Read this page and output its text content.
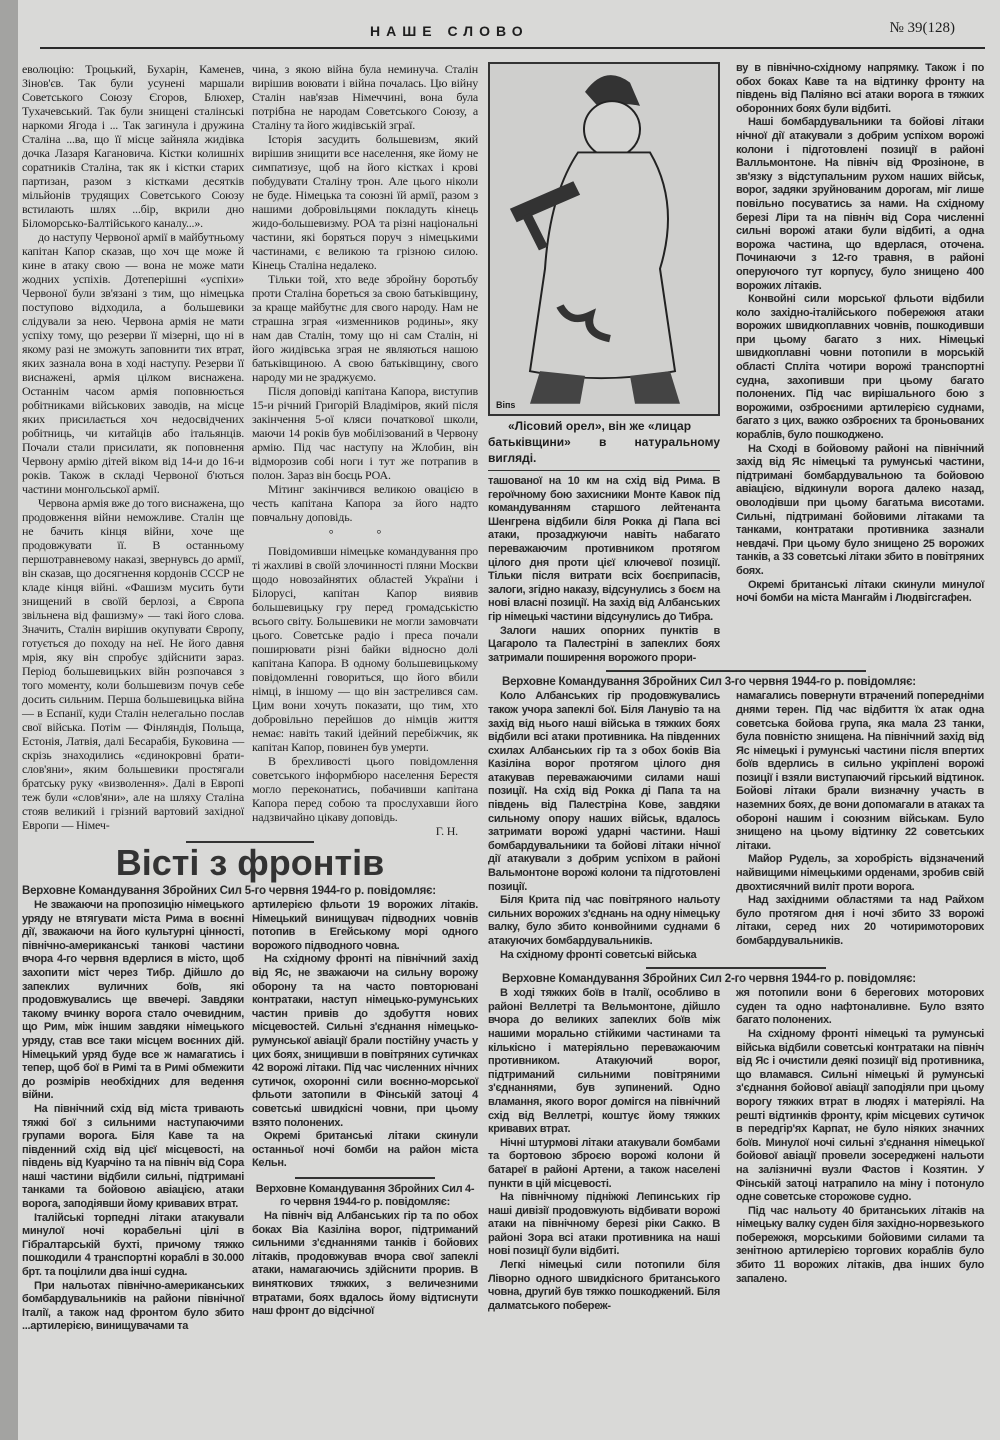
НАШЕ СЛОВО	№ 39(128)

еволюцію: Троцький, Бухарін, Каменев, Зінов'єв. Так були усунені маршали Советського Союзу Єгоров, Блюхер, Тухачевський. Так були знищені сталінські наркоми Ягода і ... Так загинула і дружина Сталіна ...ва, що її місце зайняла жидівка дочка Лазаря Кагановича. Кістки колишніх соратників Сталіна, так як і кістки старих партизан, разом з кістками десятків мільйонів трудящих Советського Союзу встилають шлях ...бір, вкрили дно Біломорсько-Балтійського каналу...».

до наступу Червоної армії в майбутньому капітан Капор сказав, що хоч ще може й кине в атаку свою — вона не може мати жодних успіхів. Дотеперішні «успіхи» Червоної були зв'язані з тим, що німецька поступово відходила, а большевики слідували за нею. Червона армія не мати успіху тому, що резерви її мізерні, що ні в якому разі не зможуть заповнити тих втрат, яких зазнала вона в ході наступу. Резерви її виснажені, армія цілком виснажена. Останнім часом армія поповнюється робітниками військових заводів, на місце яких присилається хоч недосвідчених робітниць, чи китайців або італьянців. Почали стали присилати, як поповнення Червону армію дітей віком від 14-и до 16-и років. Також в складі Червоної б'ються частини монгольської армії.

Червона армія вже до того виснажена, що продовження війни неможливе. Сталін ще не бачить кінця війни, хоче ще продовжувати її. В останньому першотравневому наказі, звернувсь до армії, він сказав, що досягнення кордонів СССР не кладе кінця війні. «Фашизм мусить бути знищений в своїй берлозі, а Європа звільнена від фашизму» — такі його слова. Значить, Сталін вирішив окупувати Європу, готується до походу на неї. Не його давня мрія, яку він спробує здійснити зараз. Період большевицьких війн розпочався з того моменту, коли большевизм почув себе досить сильним. Перша большевицька війна — в Еспанії, куди Сталін нелегально послав свої війська. Потім — Фінляндія, Польща, Естонія, Латвія, далі Бесарабія, Буковина — скрізь знаходились «єдинокровні брати-слов'яни», яким большевики простягали братську руку «визволення». Далі в Европі теж були «слов'яни», але на шляху Сталіна стояв великий і грізний вартовий західної Европи — Німеч-

чина, з якою війна була неминуча. Сталін вирішив воювати і війна почалась. Цю війну Сталін нав'язав Німеччині, вона була потрібна не народам Советського Союзу, а Сталіну та його жидівській зграї.

Історія засудить большевизм, який вирішив знищити все населення, яке йому не симпатизує, щоб на його кістках і крові побудувати Сталіну трон. Але цього ніколи не буде. Німецька та союзні їй армії, разом з нашими добровільцями покладуть кінець жидо-большевизму. РОА та різні національні частини, які боряться поруч з німецькими частинами, є великою та грізною силою. Кінець Сталіна недалеко.

Тільки той, хто веде збройну боротьбу проти Сталіна бореться за свою батьківщину, за краще майбутнє для свого народу. Нам не страшна зграя «изменников родины», яку нам дав Сталін, тому що ні сам Сталін, ні його жидівська зграя не являються нашою батьківщиною. А свою батьківщину, свого народу ми не зраджуємо.

Після доповіді капітана Капора, виступив 15-и річний Григорій Владіміров, який після закінчення 5-ої кляси початкової школи, маючи 14 років був мобілізований в Червону армію. Під час наступу на Жлобин, він відморозив собі ноги і тут же потрапив в полон. Зараз він боєць РОА.

Мітинг закінчився великою овацією в честь капітана Капора за його надто повчальну доповідь.

° °

Повідомивши німецьке командування про ті жахливі в своїй злочинності пляни Москви щодо новозайнятих областей України і Білорусі, капітан Капор виявив большевицьку гру перед громадськістю всього світу. Большевики не могли замовчати цього. Советське радіо і преса почали поширювати різні байки відносно долі капітана Капора. В одному большевицькому повідомленні говориться, що його вбили німці, в іншому — що він застрелився сам. Цим вони хочуть показати, що тим, хто добровільно перейшов до німців життя немає: навіть такий ідейний перебіжчик, як капітан Капор, повинен був умерти.

В брехливості цього повідомлення советського інформбюро населення Берестя могло переконатись, побачивши капітана Капора перед собою та прослухавши його надзвичайно цікаву доповідь.

Г. Н.

Вісті з фронтів
Верховне Командування Збройних Сил 5-го червня 1944-го р. повідомляє:

Не зважаючи на пропозицію німецького уряду не втягувати міста Рима в воєнні дії, зважаючи на його культурні цінності, північно-американські танкові частини вчора 4-го червня вдерлися в місто, щоб захопити міст через Тибр. Дійшло до запеклих вуличних боїв, які продовжувались ще ввечері. Завдяки такому вчинку ворога стало очевидним, що Рим, між іншим завдяки німецького уряду, став все таки місцем воєнних дій. Німецький уряд буде все ж намагатись і тепер, щоб бої в Римі та в Римі обмежити до розмірів необхідних для ведення війни.

На північний схід від міста тривають тяжкі бої з сильними наступаючими групами ворога. Біля Каве та на південний схід від цієї місцевості, на південь від Куарчіно та на північ від Сора наші частини відбили сильні, підтримані танками та бойовою авіацією, атаки ворога, заподіявши йому кривавих втрат.

Італійські торпедні літаки атакували минулої ночі корабельні цілі в Гібралтарській бухті, причому тяжко пошкодили 4 транспортні кораблі в 30.000 брт. та поцілили два інші судна.

При нальотах північно-американських бомбардувальників на райони північної Італії, а також над фронтом було збито ...артилерією, винищувачами та

артилерією фльоти 19 ворожих літаків. Німецький винищувач підводних човнів потопив в Егейському морі одного ворожого підводного човна.

На східному фронті на північний захід від Яс, не зважаючи на сильну ворожу оборону та на часто повторювані контратаки, наступ німецько-румунських частин привів до здобуття нових місцевостей. Сильні з'єднання німецько-румунської авіації брали постійну участь у цих боях, знищивши в повітряних сутичках 42 ворожі літаки. Під час численних нічних сутичок, охоронні сили воєнно-морської фльоти затопили в Фінській затоці 4 советські швидкісні човни, при цьому взято полонених.

Окремі британські літаки скинули останньої ночі бомби на район міста Кельн.

Верховне Командування Збройних Сил 4-го червня 1944-го р. повідомляє:

На північ від Албанських гір та по обох боках Віа Казіліна ворог, підтриманий сильними з'єднаннями танків і бойових літаків, продовжував вчора свої запеклі атаки, намагаючись здійснити прорив. В виняткових тяжких, з величезними втратами, боях вдалось йому відтиснути наш фронт до відсічної

Віпs
«Лісовий орел», він же «лицар
батьківщини» в натуральному вигляді.

ташованої на 10 км на схід від Рима. В героїчному бою захисники Монте Кавок під командуванням старшого лейтенанта Шенгрена відбили біля Рокка ді Папа всі атаки, прозаджуючи навіть набагато переважаючим противником протягом цілого дня проти цієї ключевої позиції. Тільки після витрати всіх боєприпасів, залоги, згідно наказу, відсунулись з боєм на нові власні позиції. На захід від Албанських гір німецькі частини відсунулись до Тибра.

Залоги наших опорних пунктів в Цагароло та Палестріні в запеклих боях затримали поширення ворожого прори-

ву в північно-східному напрямку. Також і по обох боках Каве та на відтинку фронту на південь від Паліяно всі атаки ворога в тяжких оборонних боях були відбиті.

Наші бомбардувальники та бойові літаки нічної дії атакували з добрим успіхом ворожі колони і підготовлені позиції в районі Валльмонтоне. На північ від Фрозіноне, в зв'язку з відступальним рухом наших військ, ворог, задяки зруйнованим дорогам, міг лише повільно посуватись за нами. На східному березі Ліри та на північ від Сора численні сильні ворожі атаки були відбиті, а одна ворожа частина, що вдерлася, оточена. Починаючи з 12-го травня, в районі оперуючого тут корпусу, було знищено 400 ворожих літаків.

Конвойні сили морської фльоти відбили коло західно-італійського побережжя атаки ворожих швидкоплавних човнів, пошкодивши при цьому багато з них. Німецькі швидкоплавні човни потопили в морській області Спліта чотири ворожі транспортні судна, захопивши при цьому багато полонених. Під час вирішального бою з ворожими, озброєними артилерією суднами, багато з цих, важко озброєних та броньованих кораблів, було пошкоджено.

На Сході в бойовому районі на північний захід від Яс німецькі та румунські частини, підтримані бомбардувальною та бойовою авіацією, відкинули ворога далеко назад, оволодівши при цьому багатьма висотами. Сильні, підтримані бойовими літаками та танками, контратаки противника зазнали невдачі. При цьому було знищено 25 ворожих танків, а 33 советські літаки збито в повітряних боях.

Окремі британські літаки скинули минулої ночі бомби на міста Мангайм і Людвігсгафен.

Верховне Командування Збройних Сил 3-го червня 1944-го р. повідомляє:

Коло Албанських гір продовжувались також учора запеклі бої. Біля Ланувіо та на захід від нього наші війська в тяжких боях відбили всі атаки противника. На південних схилах Албанських гір та з обох боків Віа Казіліна ворог протягом цілого дня атакував переважаючими силами наші позиції. На схід від Рокка ді Папа та на південь від Палестріна Кове, завдяки сильному опору наших військ, вдалось затримати ворожі ударні частини. Наші бомбардувальники та бойові літаки нічної дії атакували з добрим успіхом в районі Вальмонтоне ворожі колони та підготовлені позиції.

Біля Крита під час повітряного нальоту сильних ворожих з'єднань на одну німецьку валку, було збито конвойними суднами 6 атакуючих бомбардувальників.

На східному фронті советські війська

намагались повернути втрачений попередніми днями терен. Під час відбиття їх атак одна советська бойова група, яка мала 23 танки, була повністю знищена. На північний захід від Яс німецькі і румунські частини після впертих боїв вдерлись в сильно укріплені ворожі позиції і взяли виступаючий гірський відтинок. Бойові літаки брали визначну участь в наземних боях, де вони допомагали в атаках та обороні нашим і союзним військам. Було знищено на цьому відтинку 22 советських літаки.

Майор Рудель, за хоробрість відзначений найвищими німецькими орденами, зробив свій двохтисячний виліт проти ворога.

Над західними областями та над Райхом було протягом дня і ночі збито 33 ворожі літаки, серед них 20 чотиримоторових бомбардувальників.

Верховне Командування Збройних Сил 2-го червня 1944-го р. повідомляє:

В ході тяжких боїв в Італії, особливо в районі Веллетрі та Вельмонтоне, дійшло вчора до великих запеклих боїв між нашими морально стійкими частинами та кількісно і матеріяльно переважаючим противником. Атакуючий ворог, підтриманий сильними повітряними з'єднаннями, був зупинений. Одно вламання, якого ворог домігся на північний схід від Веллетрі, коштує йому тяжких кривавих втрат.

Нічні штурмові літаки атакували бомбами та бортовою зброєю ворожі колони й батареї в районі Артени, а також населені пункти в цій місцевості.

На північному підніжжі Лепинських гір наші дивізії продовжують відбивати ворожі атаки на північному березі ріки Сакко. В районі Зора всі атаки противника на наші нові позиції були відбиті.

Легкі німецькі сили потопили біля Ліворно одного швидкісного британського човна, другий був тяжко пошкоджений. Біля далматського побереж-

жя потопили вони 6 берегових моторових суден та одно нафтоналивне. Було взято багато полонених.

На східному фронті німецькі та румунські війська відбили советські контратаки на північ від Яс і очистили деякі позиції від противника, що вламався. Сильні німецькі й румунські з'єднання бойової авіації заподіяли при цьому ворогу тяжких втрат в людях і матеріялі. На решті відтинків фронту, крім місцевих сутичок в передгір'ях Карпат, не було ніяких значних боїв. Минулої ночі сильні з'єднання німецької бойової авіації провели зосереджені нальоти на залізничні вузли Фастов і Козятин. У Фінській затоці натрапило на міну і потонуло одне советське сторожове судно.

Під час нальоту 40 британських літаків на німецьку валку суден біля західно-норвезького побережжя, морськими бойовими силами та зенітною артилерією торгових кораблів було збито 11 ворожих літаків, два інших було запалено.
